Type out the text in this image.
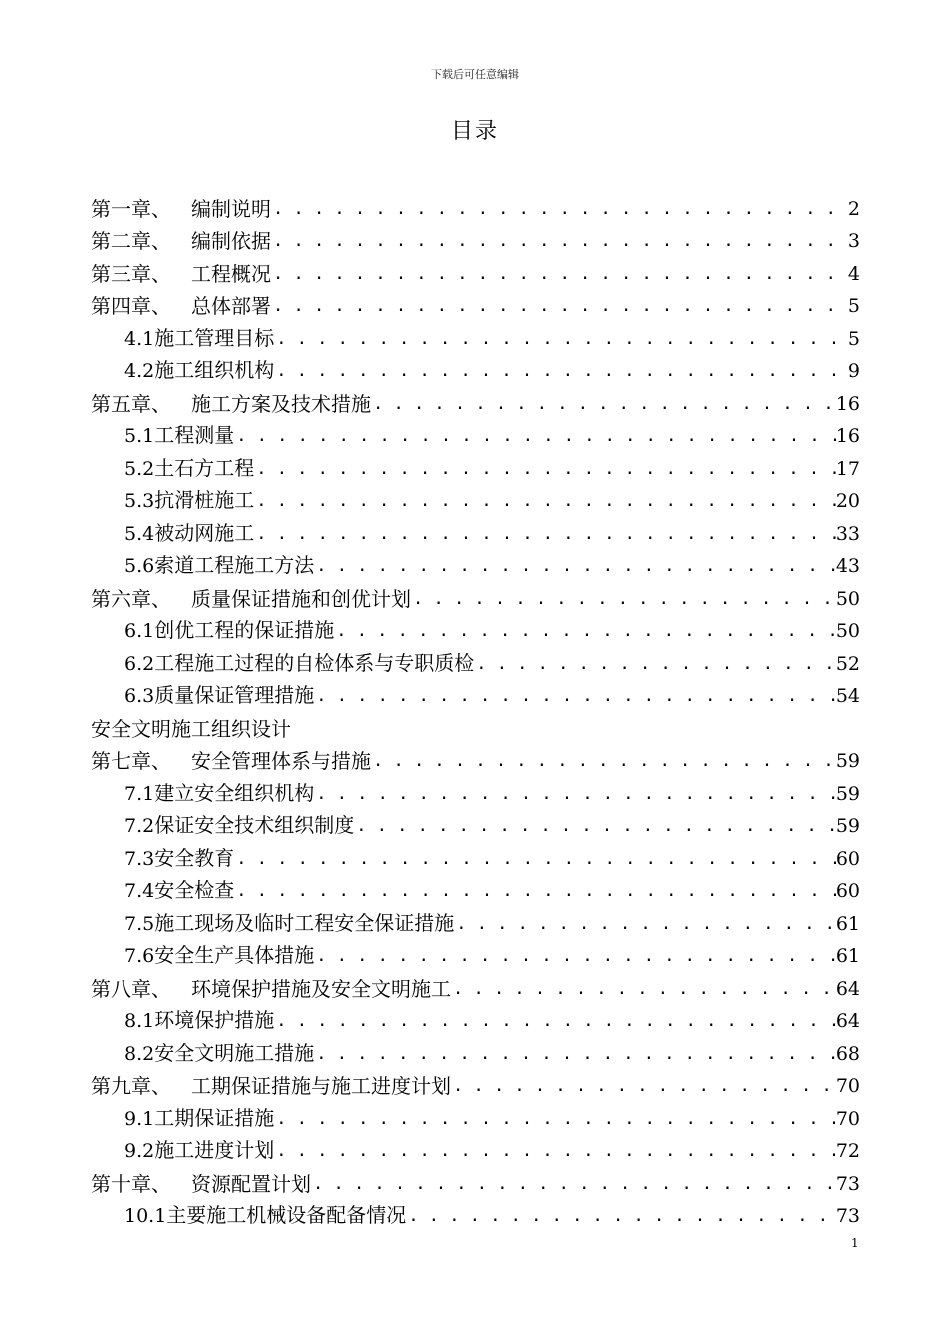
下载后可任意编辑
目录
第一章、 编制说明 . . .	2
第二章、 编制依据 . . .	3
第三章、 工程概况 . . .	4
第四章、 总体部署 . . .	5
4.1施工管理目标 . . .	5
4.2施工组织机构 . . .	9
第五章、 施工方案及技术措施 . . .	16
5.1工程测量 . . .	16
5.2土石方工程 . . .	17
5.3抗滑桩施工 . . .	20
5.4被动网施工 . . .	33
5.6索道工程施工方法 . . .	43
第六章、 质量保证措施和创优计划 . . .	50
6.1创优工程的保证措施 . . .	50
6.2工程施工过程的自检体系与专职质检 . . .	52
6.3质量保证管理措施 . . .	54
安全文明施工组织设计
第七章、 安全管理体系与措施 . . .	59
7.1建立安全组织机构 . . .	59
7.2保证安全技术组织制度 . . .	59
7.3安全教育 . . .	60
7.4安全检查 . . .	60
7.5施工现场及临时工程安全保证措施 . . .	61
7.6安全生产具体措施 . . .	61
第八章、 环境保护措施及安全文明施工 . . .	64
8.1环境保护措施 . . .	64
8.2安全文明施工措施 . . .	68
第九章、 工期保证措施与施工进度计划 . . .	70
9.1工期保证措施 . . .	70
9.2施工进度计划 . . .	72
第十章、 资源配置计划 . . .	73
10.1主要施工机械设备配备情况 . . .	73
1
